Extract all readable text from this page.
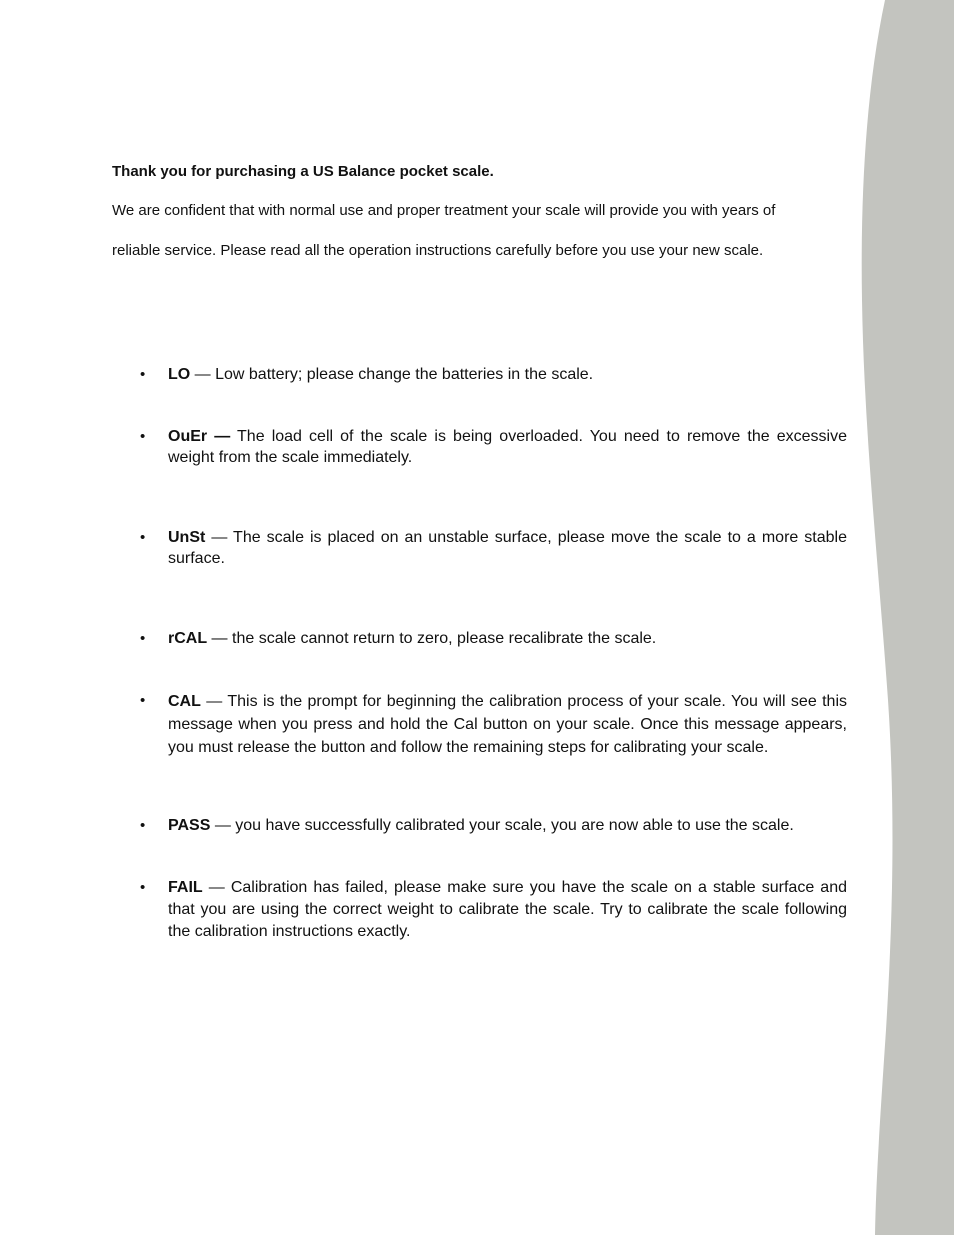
Thank you for purchasing a US Balance pocket scale.

We are confident that with normal use and proper treatment your scale will provide you with years of

reliable service. Please read all the operation instructions carefully before you use your new scale.

• LO — Low battery; please change the batteries in the scale.
• OuEr — The load cell of the scale is being overloaded. You need to remove the excessive weight from the scale immediately.
• UnSt — The scale is placed on an unstable surface, please move the scale to a more stable surface.
• rCAL — the scale cannot return to zero, please recalibrate the scale.
• CAL — This is the prompt for beginning the calibration process of your scale. You will see this message when you press and hold the Cal button on your scale. Once this message appears, you must release the button and follow the remaining steps for calibrating your scale.
• PASS — you have successfully calibrated your scale, you are now able to use the scale.
• FAIL — Calibration has failed, please make sure you have the scale on a stable surface and that you are using the correct weight to calibrate the scale. Try to calibrate the scale following the calibration instructions exactly.
